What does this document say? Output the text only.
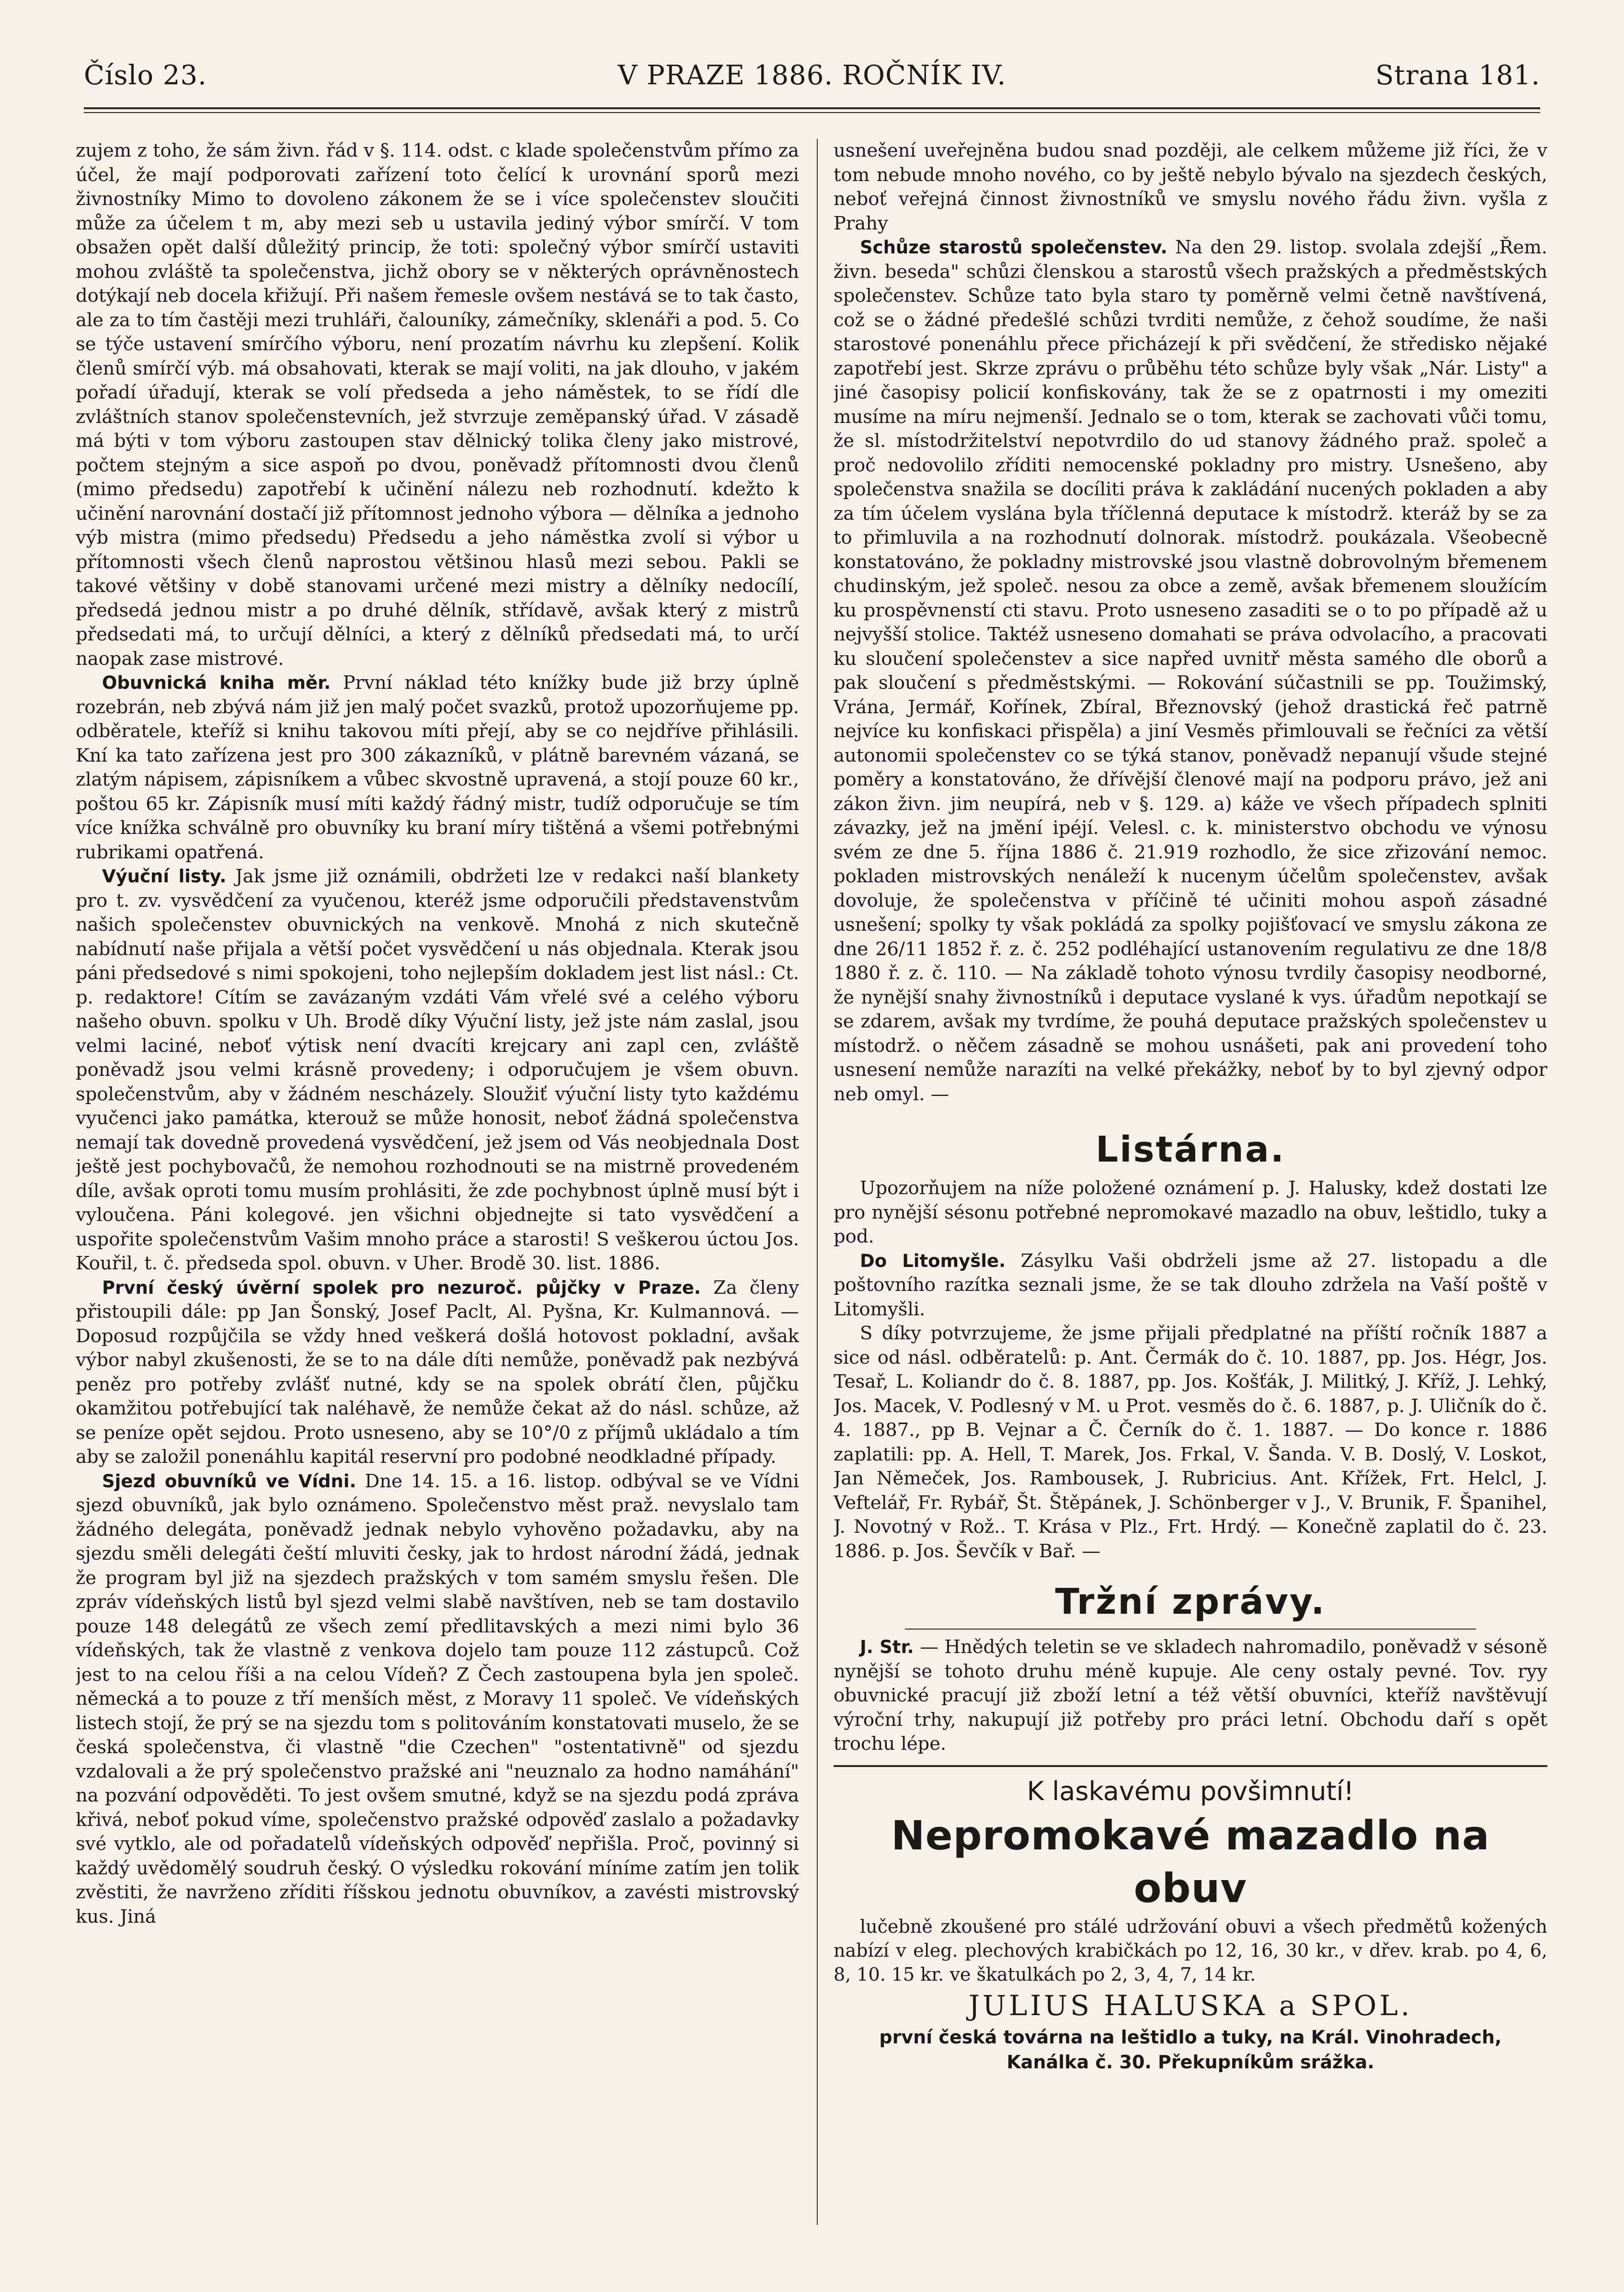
Číslo 23.	V PRAZE 1886. ROČNÍK IV.	Strana 181.

zujem z toho, že sám živn. řád v §. 114. odst. c klade společenstvům přímo za účel, že mají podporovati zařízení toto čelící k urovnání sporů mezi živnostníky Mimo to dovoleno zákonem že se i více společenstev sloučiti může za účelem t m, aby mezi seb u ustavila jediný výbor smírčí. V tom obsažen opět další důležitý princip, že toti: společný výbor smírčí ustaviti mohou zvláště ta společenstva, jichž obory se v některých oprávněnostech dotýkají neb docela křižují. Při našem řemesle ovšem nestává se to tak často, ale za to tím častěji mezi truhláři, čalouníky, zámečníky, sklenáři a pod. 5. Co se týče ustavení smírčího výboru, není prozatím návrhu ku zlepšení. Kolik členů smírčí výb. má obsahovati, kterak se mají voliti, na jak dlouho, v jakém pořadí úřadují, kterak se volí předseda a jeho náměstek, to se řídí dle zvláštních stanov společenstevních, jež stvrzuje zeměpanský úřad. V zásadě má býti v tom výboru zastoupen stav dělnický tolika členy jako mistrové, počtem stejným a sice aspoň po dvou, poněvadž přítomnosti dvou členů (mimo předsedu) zapotřebí k učinění nálezu neb rozhodnutí. kdežto k učinění narovnání dostačí již přítomnost jednoho výbora — dělníka a jednoho výb mistra (mimo předsedu) Předsedu a jeho náměstka zvolí si výbor u přítomnosti všech členů naprostou většinou hlasů mezi sebou. Pakli se takové většiny v době stanovami určené mezi mistry a dělníky nedocílí, předsedá jednou mistr a po druhé dělník, střídavě, avšak který z mistrů předsedati má, to určují dělníci, a který z dělníků předsedati má, to určí naopak zase mistrové.

Obuvnická kniha měr. První náklad této knížky bude již brzy úplně rozebrán, neb zbývá nám již jen malý počet svazků, protož upozorňujeme pp. odběratele, kteříž si knihu takovou míti přejí, aby se co nejdříve přihlásili. Kní ka tato zařízena jest pro 300 zákazníků, v plátně barevném vázaná, se zlatým nápisem, zápisníkem a vůbec skvostně upravená, a stojí pouze 60 kr., poštou 65 kr. Zápisník musí míti každý řádný mistr, tudíž odporučuje se tím více knížka schválně pro obuvníky ku braní míry tištěná a všemi potřebnými rubrikami opatřená.

Výuční listy. Jak jsme již oznámili, obdržeti lze v redakci naší blankety pro t. zv. vysvědčení za vyučenou, kteréž jsme odporučili představenstvům našich společenstev obuvnických na venkově. Mnohá z nich skutečně nabídnutí naše přijala a větší počet vysvědčení u nás objednala. Kterak jsou páni předsedové s nimi spokojeni, toho nejlepším dokladem jest list násl.: Ct. p. redaktore! Cítím se zavázaným vzdáti Vám vřelé své a celého výboru našeho obuvn. spolku v Uh. Brodě díky Výuční listy, jež jste nám zaslal, jsou velmi laciné, neboť výtisk není dvacíti krejcary ani zapl cen, zvláště poněvadž jsou velmi krásně provedeny; i odporučujem je všem obuvn. společenstvům, aby v žádném nescházely. Sloužiť výuční listy tyto každému vyučenci jako památka, kterouž se může honosit, neboť žádná společenstva nemají tak dovedně provedená vysvědčení, jež jsem od Vás neobjednala Dost ještě jest pochybovačů, že nemohou rozhodnouti se na mistrně provedeném díle, avšak oproti tomu musím prohlásiti, že zde pochybnost úplně musí být i vyloučena. Páni kolegové. jen všichni objednejte si tato vysvědčení a uspořite společenstvům Vašim mnoho práce a starosti! S veškerou úctou Jos. Kouřil, t. č. předseda spol. obuvn. v Uher. Brodě 30. list. 1886.

První český úvěrní spolek pro nezuroč. půjčky v Praze. Za členy přistoupili dále: pp Jan Šonský, Josef Paclt, Al. Pyšna, Kr. Kulmannová. — Doposud rozpůjčila se vždy hned veškerá došlá hotovost pokladní, avšak výbor nabyl zkušenosti, že se to na dále díti nemůže, poněvadž pak nezbývá peněz pro potřeby zvlášť nutné, kdy se na spolek obrátí člen, půjčku okamžitou potřebující tak naléhavě, že nemůže čekat až do násl. schůze, až se peníze opět sejdou. Proto usneseno, aby se 10°/0 z příjmů ukládalo a tím aby se založil ponenáhlu kapitál reservní pro podobné neodkladné případy.

Sjezd obuvníků ve Vídni. Dne 14. 15. a 16. listop. odbýval se ve Vídni sjezd obuvníků, jak bylo oznámeno. Společenstvo měst praž. nevyslalo tam žádného delegáta, poněvadž jednak nebylo vyhověno požadavku, aby na sjezdu směli delegáti čeští mluviti česky, jak to hrdost národní žádá, jednak že program byl již na sjezdech pražských v tom samém smyslu řešen. Dle zpráv vídeňských listů byl sjezd velmi slabě navštíven, neb se tam dostavilo pouze 148 delegátů ze všech zemí předlitavských a mezi nimi bylo 36 vídeňských, tak že vlastně z venkova dojelo tam pouze 112 zástupců. Což jest to na celou říši a na celou Vídeň? Z Čech zastoupena byla jen společ. německá a to pouze z tří menších měst, z Moravy 11 společ. Ve vídeňských listech stojí, že prý se na sjezdu tom s politováním konstatovati muselo, že se česká společenstva, či vlastně "die Czechen" "ostentativně" od sjezdu vzdalovali a že prý společenstvo pražské ani "neuznalo za hodno namáhání" na pozvání odpověděti. To jest ovšem smutné, když se na sjezdu podá zpráva křivá, neboť pokud víme, společenstvo pražské odpověď zaslalo a požadavky své vytklo, ale od pořadatelů vídeňských odpověď nepřišla. Proč, povinný si každý uvědomělý soudruh český. O výsledku rokování míníme zatím jen tolik zvěstiti, že navrženo zříditi říšskou jednotu obuvníkov, a zavésti mistrovský kus. Jiná

usnešení uveřejněna budou snad později, ale celkem můžeme již říci, že v tom nebude mnoho nového, co by ještě nebylo bývalo na sjezdech českých, neboť veřejná činnost živnostníků ve smyslu nového řádu živn. vyšla z Prahy

Schůze starostů společenstev. Na den 29. listop. svolala zdejší „Řem. živn. beseda" schůzi členskou a starostů všech pražských a předměstských společenstev. Schůze tato byla staro ty poměrně velmi četně navštívená, což se o žádné předešlé schůzi tvrditi nemůže, z čehož soudíme, že naši starostové ponenáhlu přece přicházejí k při svědčení, že středisko nějaké zapotřebí jest. Skrze zprávu o průběhu této schůze byly však „Nár. Listy" a jiné časopisy policií konfiskovány, tak že se z opatrnosti i my omeziti musíme na míru nejmenší. Jednalo se o tom, kterak se zachovati vůči tomu, že sl. místodržitelství nepotvrdilo do ud stanovy žádného praž. společ a proč nedovolilo zříditi nemocenské pokladny pro mistry. Usnešeno, aby společenstva snažila se docíliti práva k zakládání nucených pokladen a aby za tím účelem vyslána byla tříčlenná deputace k místodrž. kteráž by se za to přimluvila a na rozhodnutí dolnorak. místodrž. poukázala. Všeobecně konstatováno, že pokladny mistrovské jsou vlastně dobrovolným břemenem chudinským, jež společ. nesou za obce a země, avšak břemenem sloužícím ku prospěvnenstí cti stavu. Proto usneseno zasaditi se o to po případě až u nejvyšší stolice. Taktéž usneseno domahati se práva odvolacího, a pracovati ku sloučení společenstev a sice napřed uvnitř města samého dle oborů a pak sloučení s předměstskými. — Rokování súčastnili se pp. Toužimský, Vrána, Jermář, Kořínek, Zbíral, Březnovský (jehož drastická řeč patrně nejvíce ku konfiskaci přispěla) a jiní Vesměs přimlouvali se řečníci za větší autonomii společenstev co se týká stanov, poněvadž nepanují všude stejné poměry a konstatováno, že dřívější členové mají na podporu právo, jež ani zákon živn. jim neupírá, neb v §. 129. a) káže ve všech případech splniti závazky, jež na jmění ipéjí. Velesl. c. k. ministerstvo obchodu ve výnosu svém ze dne 5. října 1886 č. 21.919 rozhodlo, že sice zřizování nemoc. pokladen mistrovských nenáleží k nucenym účelům společenstev, avšak dovoluje, že společenstva v příčině té učiniti mohou aspoň zásadné usnešení; spolky ty však pokládá za spolky pojišťovací ve smyslu zákona ze dne 26/11 1852 ř. z. č. 252 podléhající ustanovením regulativu ze dne 18/8 1880 ř. z. č. 110. — Na základě tohoto výnosu tvrdily časopisy neodborné, že nynější snahy živnostníků i deputace vyslané k vys. úřadům nepotkají se se zdarem, avšak my tvrdíme, že pouhá deputace pražských společenstev u místodrž. o něčem zásadně se mohou usnášeti, pak ani provedení toho usnesení nemůže narazíti na velké překážky, neboť by to byl zjevný odpor neb omyl. —

Listárna.

Upozorňujem na níže položené oznámení p. J. Halusky, kdež dostati lze pro nynější sésonu potřebné nepromokavé mazadlo na obuv, leštidlo, tuky a pod.

Do Litomyšle. Zásylku Vaši obdrželi jsme až 27. listopadu a dle poštovního razítka seznali jsme, že se tak dlouho zdržela na Vaší poště v Litomyšli.

S díky potvrzujeme, že jsme přijali předplatné na příští ročník 1887 a sice od násl. odběratelů: p. Ant. Čermák do č. 10. 1887, pp. Jos. Hégr, Jos. Tesař, L. Koliandr do č. 8. 1887, pp. Jos. Košťák, J. Militký, J. Kříž, J. Lehký, Jos. Macek, V. Podlesný v M. u Prot. vesměs do č. 6. 1887, p. J. Uličník do č. 4. 1887., pp B. Vejnar a Č. Černík do č. 1. 1887. — Do konce r. 1886 zaplatili: pp. A. Hell, T. Marek, Jos. Frkal, V. Šanda. V. B. Doslý, V. Loskot, Jan Němeček, Jos. Rambousek, J. Rubricius. Ant. Křížek, Frt. Helcl, J. Veftelář, Fr. Rybář, Št. Štěpánek, J. Schönberger v J., V. Brunik, F. Španihel, J. Novotný v Rož.. T. Krása v Plz., Frt. Hrdý. — Konečně zaplatil do č. 23. 1886. p. Jos. Ševčík v Bař. —

Tržní zprávy.

J. Str. — Hnědých teletin se ve skladech nahromadilo, poněvadž v sésoně nynější se tohoto druhu méně kupuje. Ale ceny ostaly pevné. Tov. ryy obuvnické pracují již zboží letní a též větší obuvníci, kteříž navštěvují výroční trhy, nakupují již potřeby pro práci letní. Obchodu daří s opět trochu lépe.

K laskavému povšimnutí!
Nepromokavé mazadlo na obuv

lučebně zkoušené pro stálé udržování obuvi a všech předmětů kožených nabízí v eleg. plechových krabičkách po 12, 16, 30 kr., v dřev. krab. po 4, 6, 8, 10. 15 kr. ve škatulkách po 2, 3, 4, 7, 14 kr.

JULIUS HALUSKA a SPOL.
první česká továrna na leštidlo a tuky, na Král. Vinohradech,
Kanálka č. 30. Překupníkům srážka.
